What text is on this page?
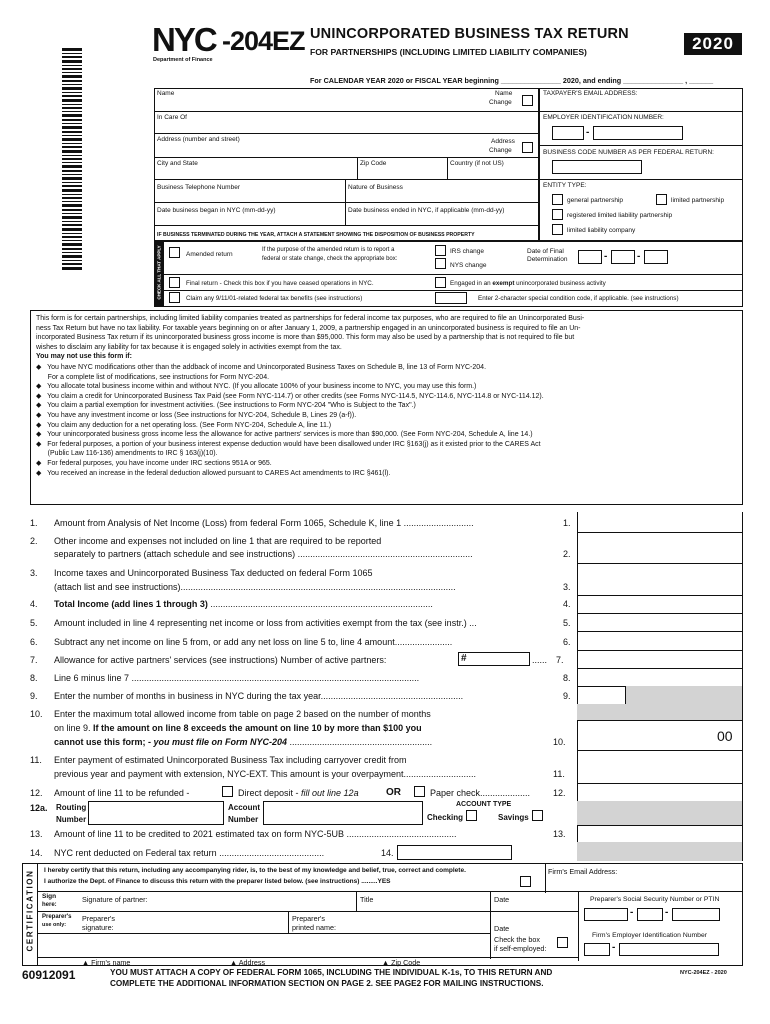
NYC -204EZ
Department of Finance
UNINCORPORATED BUSINESS TAX RETURN
FOR PARTNERSHIPS (INCLUDING LIMITED LIABILITY COMPANIES)	2020
For CALENDAR YEAR 2020 or FISCAL YEAR beginning _______________ 2020, and ending _______________ , ______
Name	Name
Change
In Care Of
Address (number and street)	Address
Change
City and State	Zip Code	Country (if not US)
Business Telephone Number	Nature of Business
Date business began in NYC (mm-dd-yy)	Date business ended in NYC, if applicable (mm-dd-yy)
IF BUSINESS TERMINATED DURING THE YEAR, ATTACH A STATEMENT SHOWING THE DISPOSITION OF BUSINESS PROPERTY
TAXPAYER'S EMAIL ADDRESS:
EMPLOYER IDENTIFICATION NUMBER:
-
BUSINESS CODE NUMBER AS PER FEDERAL RETURN:
ENTITY TYPE:
general partnership	limited partnership
registered limited liability partnership
limited liability company
CHECK ALL THAT APPLY	Amended return
If the purpose of the amended return is to report a
federal or state change, check the appropriate box:
IRS change
NYS change
Date of Final
Determination	-	-
Final return - Check this box if you have ceased operations in NYC.	Engaged in an exempt unincorporated business activity
Claim any 9/11/01-related federal tax benefits (see instructions)	Enter 2-character special condition code, if applicable. (see instructions)
This form is for certain partnerships, including limited liability companies treated as partnerships for federal income tax purposes, who are required to file an Unincorporated Busi-
ness Tax Return but have no tax liability. For taxable years beginning on or after January 1, 2009, a partnership engaged in an unincorporated business is required to file an Un-
incorporated Business Tax return if its unincorporated business gross income is more than $95,000. This form may also be used by a partnership that is not required to file but
wishes to disclaim any liability for tax because it is engaged solely in activities exempt from the tax.
You may not use this form if:
◆   You have NYC modifications other than the addback of income and Unincorporated Business Taxes on Schedule B, line 13 of Form NYC-204.
For a complete list of modifications, see instructions for Form NYC-204.
◆   You allocate total business income within and without NYC. (If you allocate 100% of your business income to NYC, you may use this form.)
◆   You claim a credit for Unincorporated Business Tax Paid (see Form NYC-114.7) or other credits (see Forms NYC-114.5, NYC-114.6, NYC-114.8 or NYC-114.12).
◆   You claim a partial exemption for investment activities. (See instructions to Form NYC-204 "Who is Subject to the Tax".)
◆   You have any investment income or loss (See instructions for NYC-204, Schedule B, Lines 29 (a-f)).
◆   You claim any deduction for a net operating loss. (See Form NYC-204, Schedule A, line 11.)
◆   Your unincorporated business gross income less the allowance for active partners' services is more than $90,000. (See Form NYC-204, Schedule A, line 14.)
◆   For federal purposes, a portion of your business interest expense deduction would have been disallowed under IRC §163(j) as it existed prior to the CARES Act
(Public Law 116-136) amendments to IRC § 163(j)(10).
◆   For federal purposes, you have income under IRC sections 951A or 965.
◆   You received an increase in the federal deduction allowed pursuant to CARES Act amendments to IRC §461(l).
1. Amount from Analysis of Net Income (Loss) from federal Form 1065, Schedule K, line 1 ............................	1.
2. Other income and expenses not included on line 1 that are required to be reported
separately to partners (attach schedule and see instructions) ......................................................................	2.
3. Income taxes and Unincorporated Business Tax deducted on federal Form 1065
(attach list and see instructions)..............................................................................................................	3.
4. Total Income (add lines 1 through 3) .........................................................................................	4.
5. Amount included in line 4 representing net income or loss from activities exempt from the tax (see instr.) ...	5.
6. Subtract any net income on line 5 from, or add any net loss on line 5 to, line 4 amount.......................	6.
7. Allowance for active partners' services (see instructions) Number of active partners:	#	7.
......
8. Line 6 minus line 7 ...................................................................................................................	8.
9. Enter the number of months in business in NYC during the tax year.........................................................	9.
10. Enter the maximum total allowed income from table on page 2 based on the number of months
on line 9. If the amount on line 8 exceeds the amount on line 10 by more than $100 you
cannot use this form; - you must file on Form NYC-204 .........................................................	10.	00
11. Enter payment of estimated Unincorporated Business Tax including carryover credit from
previous year and payment with extension, NYC-EXT. This amount is your overpayment.............................	11.
12. Amount of line 11 to be refunded -	Direct deposit - fill out line 12a	OR	Paper check....................	12.
12a. Routing
Number
Account
Number
ACCOUNT TYPE
Checking	Savings
13. Amount of line 11 to be credited to 2021 estimated tax on form NYC-5UB ............................................	13.
14. NYC rent deducted on Federal tax return ..........................................	14.
CERTIFICATION I hereby certify that this return, including any accompanying rider, is, to the best of my knowledge and belief, true, correct and complete.
I authorize the Dept. of Finance to discuss this return with the preparer listed below. (see instructions) .........YES
Firm's Email Address:
Sign
here:
Signature of partner:	Title	Date	Preparer's Social Security Number or PTIN
-	-
Preparer's
use only:
Preparer's
signature:
Preparer's
printed name:	Date
Check the box
if self-employed:
Firm's Employer Identification Number
-
▲ Firm's name	▲ Address	▲ Zip Code
60912091	YOU MUST ATTACH A COPY OF FEDERAL FORM 1065, INCLUDING THE INDIVIDUAL K-1s, TO THIS RETURN AND
COMPLETE THE ADDITIONAL INFORMATION SECTION ON PAGE 2. SEE PAGE2 FOR MAILING INSTRUCTIONS.
NYC-204EZ - 2020
